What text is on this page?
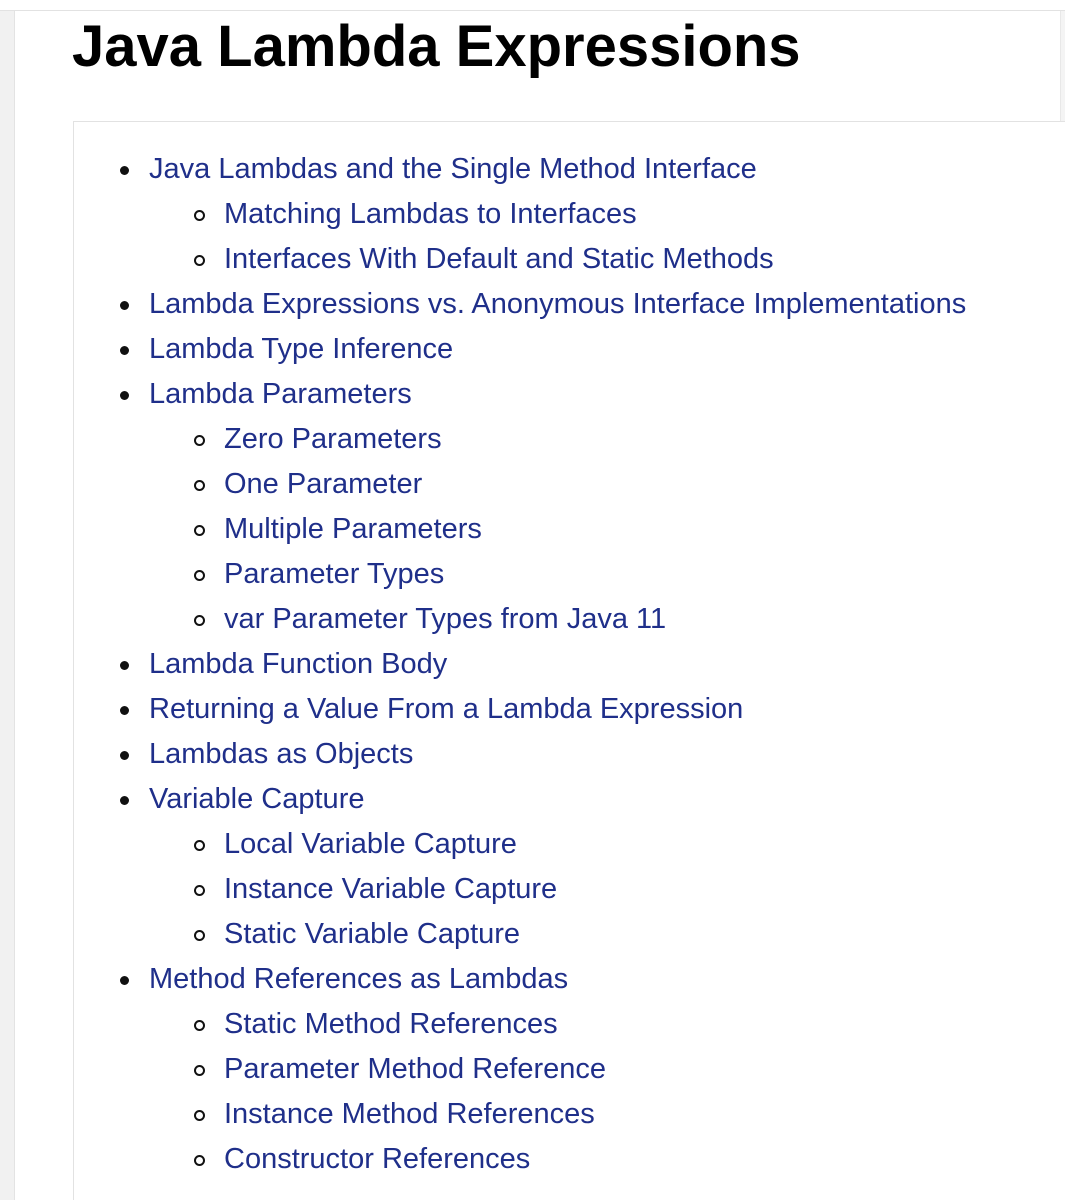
Java Lambda Expressions
Java Lambdas and the Single Method Interface
Matching Lambdas to Interfaces
Interfaces With Default and Static Methods
Lambda Expressions vs. Anonymous Interface Implementations
Lambda Type Inference
Lambda Parameters
Zero Parameters
One Parameter
Multiple Parameters
Parameter Types
var Parameter Types from Java 11
Lambda Function Body
Returning a Value From a Lambda Expression
Lambdas as Objects
Variable Capture
Local Variable Capture
Instance Variable Capture
Static Variable Capture
Method References as Lambdas
Static Method References
Parameter Method Reference
Instance Method References
Constructor References
